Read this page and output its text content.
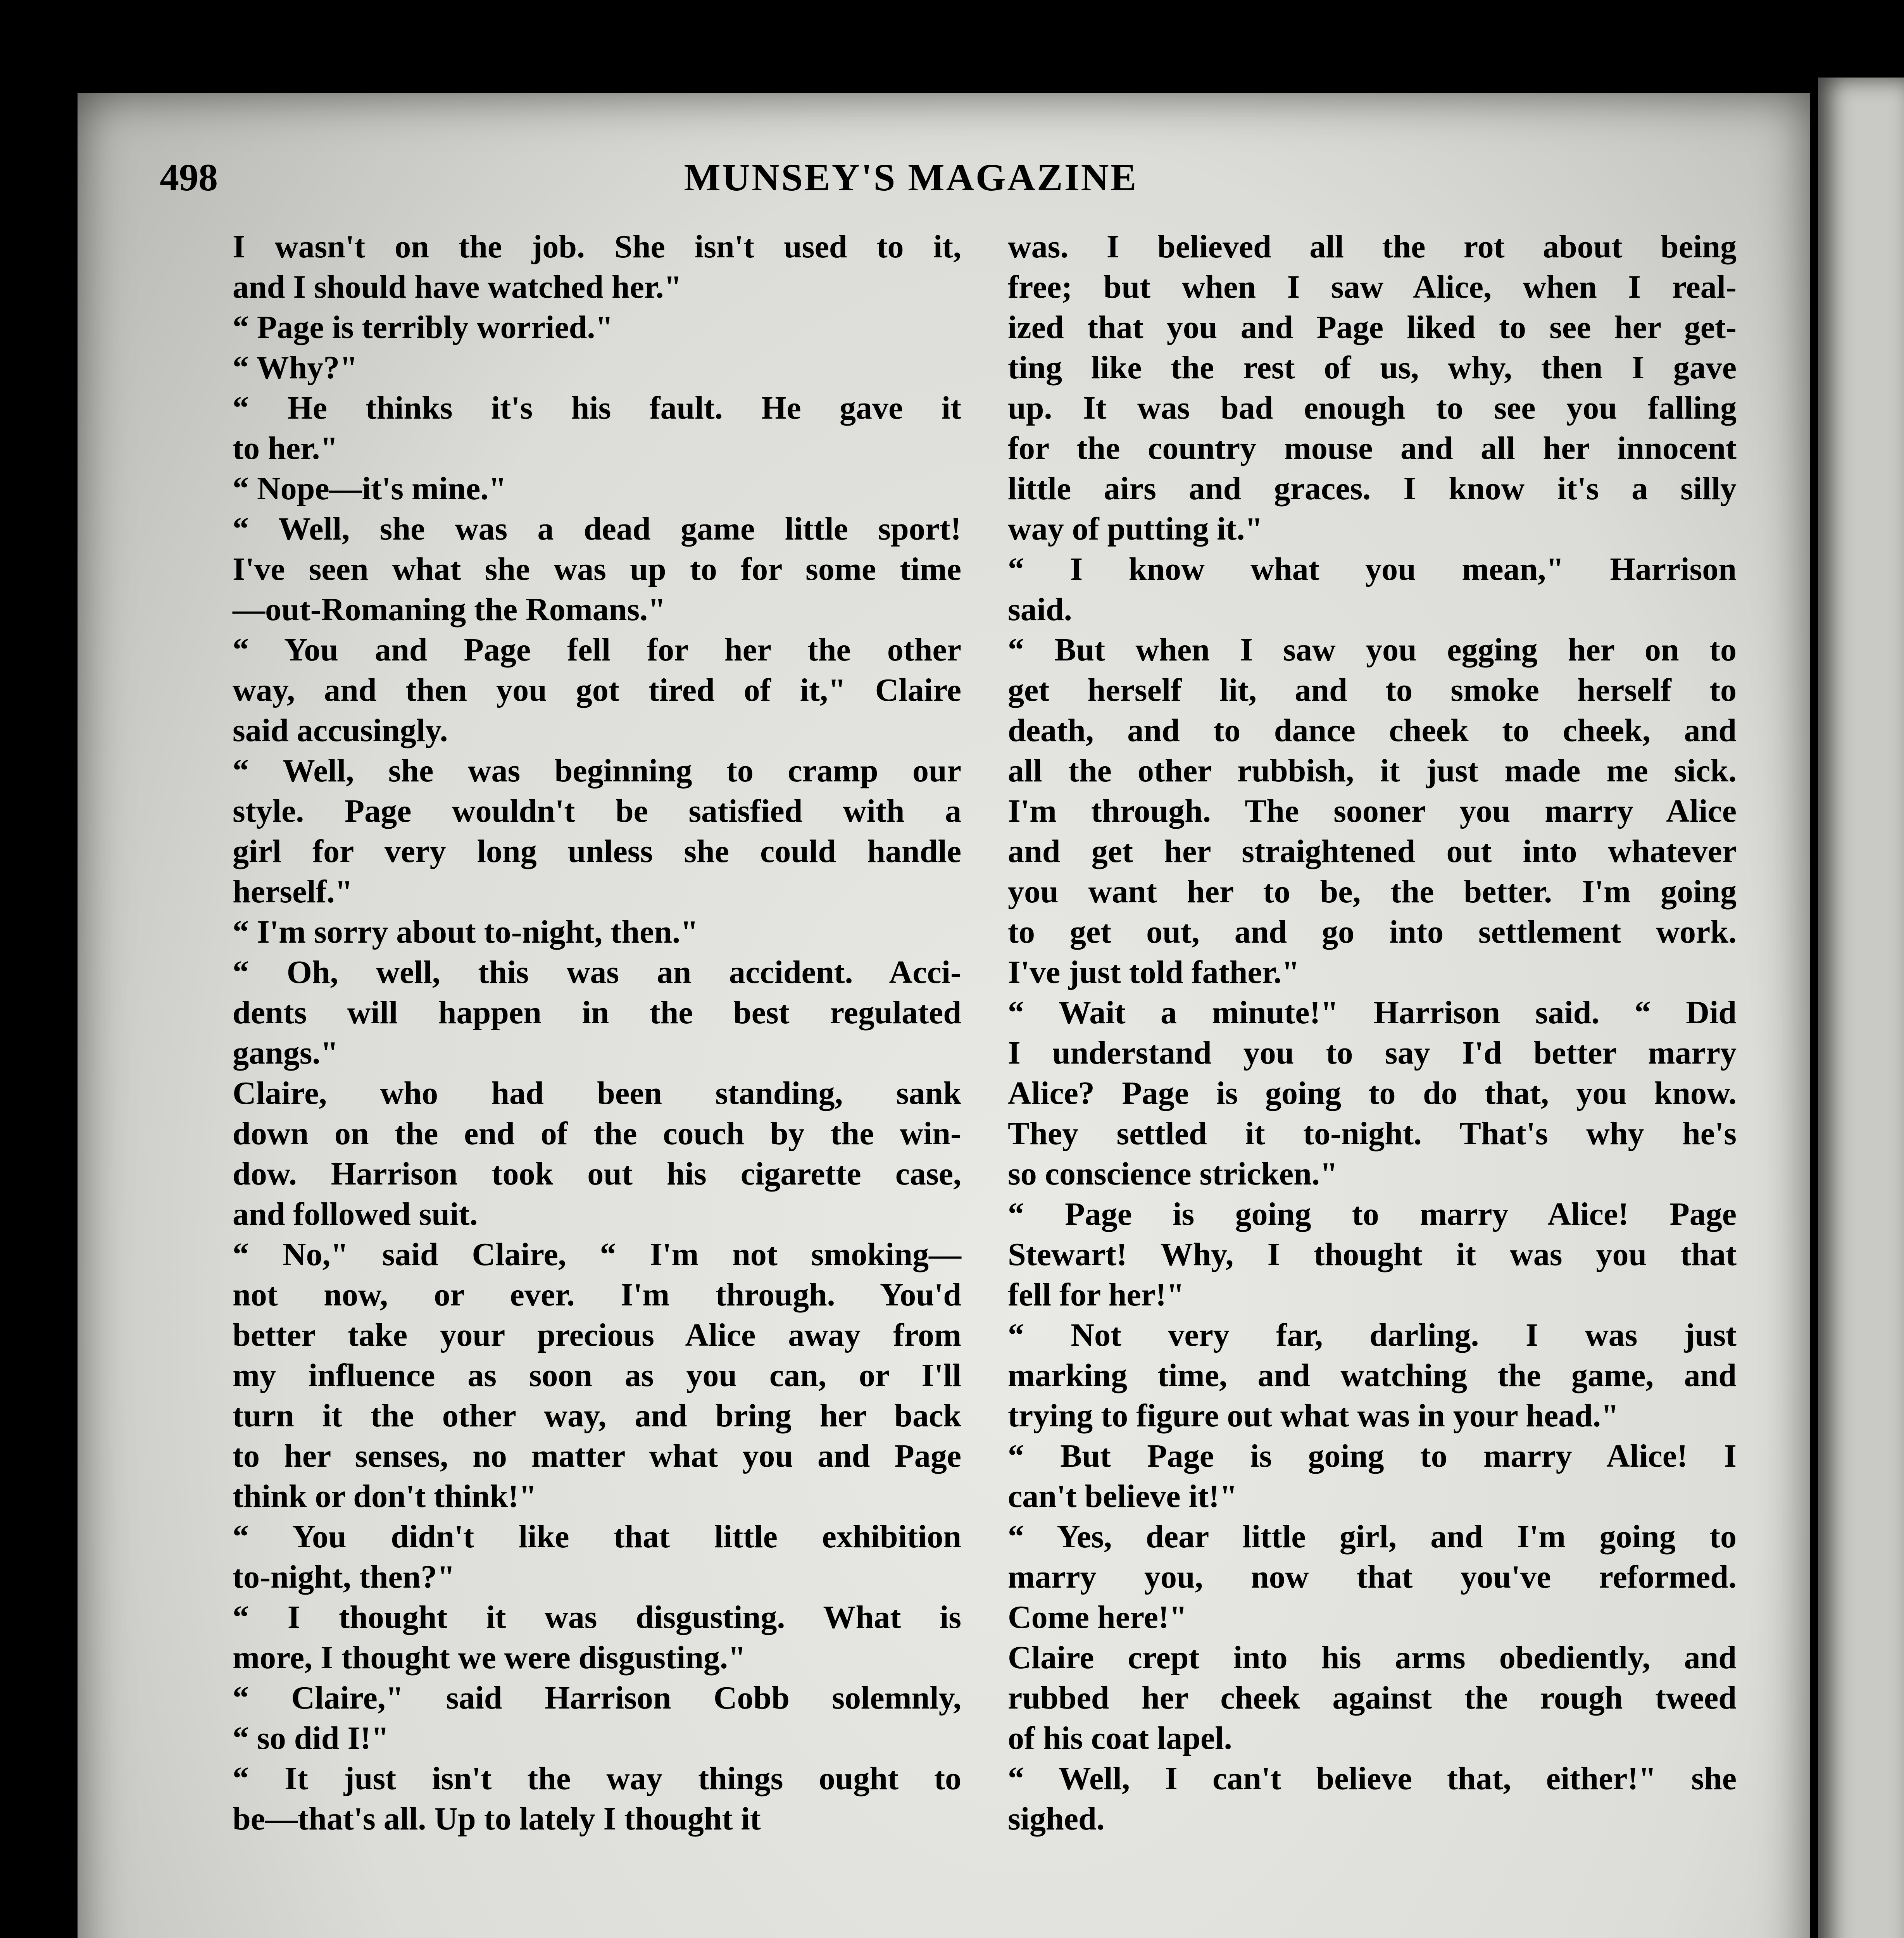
498	MUNSEY'S MAGAZINE
I wasn't on the job. She isn't used to it,
and I should have watched her."
“ Page is terribly worried."
“ Why?"
“ He thinks it's his fault. He gave it
to her."
“ Nope—it's mine."
“ Well, she was a dead game little sport!
I've seen what she was up to for some time
—out-Romaning the Romans."
“ You and Page fell for her the other
way, and then you got tired of it," Claire
said accusingly.
“ Well, she was beginning to cramp our
style. Page wouldn't be satisfied with a
girl for very long unless she could handle
herself."
“ I'm sorry about to-night, then."
“ Oh, well, this was an accident. Acci-
dents will happen in the best regulated
gangs."
Claire, who had been standing, sank
down on the end of the couch by the win-
dow. Harrison took out his cigarette case,
and followed suit.
“ No," said Claire, “ I'm not smoking—
not now, or ever. I'm through. You'd
better take your precious Alice away from
my influence as soon as you can, or I'll
turn it the other way, and bring her back
to her senses, no matter what you and Page
think or don't think!"
“ You didn't like that little exhibition
to-night, then?"
“ I thought it was disgusting. What is
more, I thought we were disgusting."
“ Claire," said Harrison Cobb solemnly,
“ so did I!"
“ It just isn't the way things ought to
be—that's all. Up to lately I thought it
was. I believed all the rot about being
free; but when I saw Alice, when I real-
ized that you and Page liked to see her get-
ting like the rest of us, why, then I gave
up. It was bad enough to see you falling
for the country mouse and all her innocent
little airs and graces. I know it's a silly
way of putting it."
“ I know what you mean," Harrison
said.
“ But when I saw you egging her on to
get herself lit, and to smoke herself to
death, and to dance cheek to cheek, and
all the other rubbish, it just made me sick.
I'm through. The sooner you marry Alice
and get her straightened out into whatever
you want her to be, the better. I'm going
to get out, and go into settlement work.
I've just told father."
“ Wait a minute!" Harrison said. “ Did
I understand you to say I'd better marry
Alice? Page is going to do that, you know.
They settled it to-night. That's why he's
so conscience stricken."
“ Page is going to marry Alice! Page
Stewart! Why, I thought it was you that
fell for her!"
“ Not very far, darling. I was just
marking time, and watching the game, and
trying to figure out what was in your head."
“ But Page is going to marry Alice! I
can't believe it!"
“ Yes, dear little girl, and I'm going to
marry you, now that you've reformed.
Come here!"
Claire crept into his arms obediently, and
rubbed her cheek against the rough tweed
of his coat lapel.
“ Well, I can't believe that, either!" she
sighed.
